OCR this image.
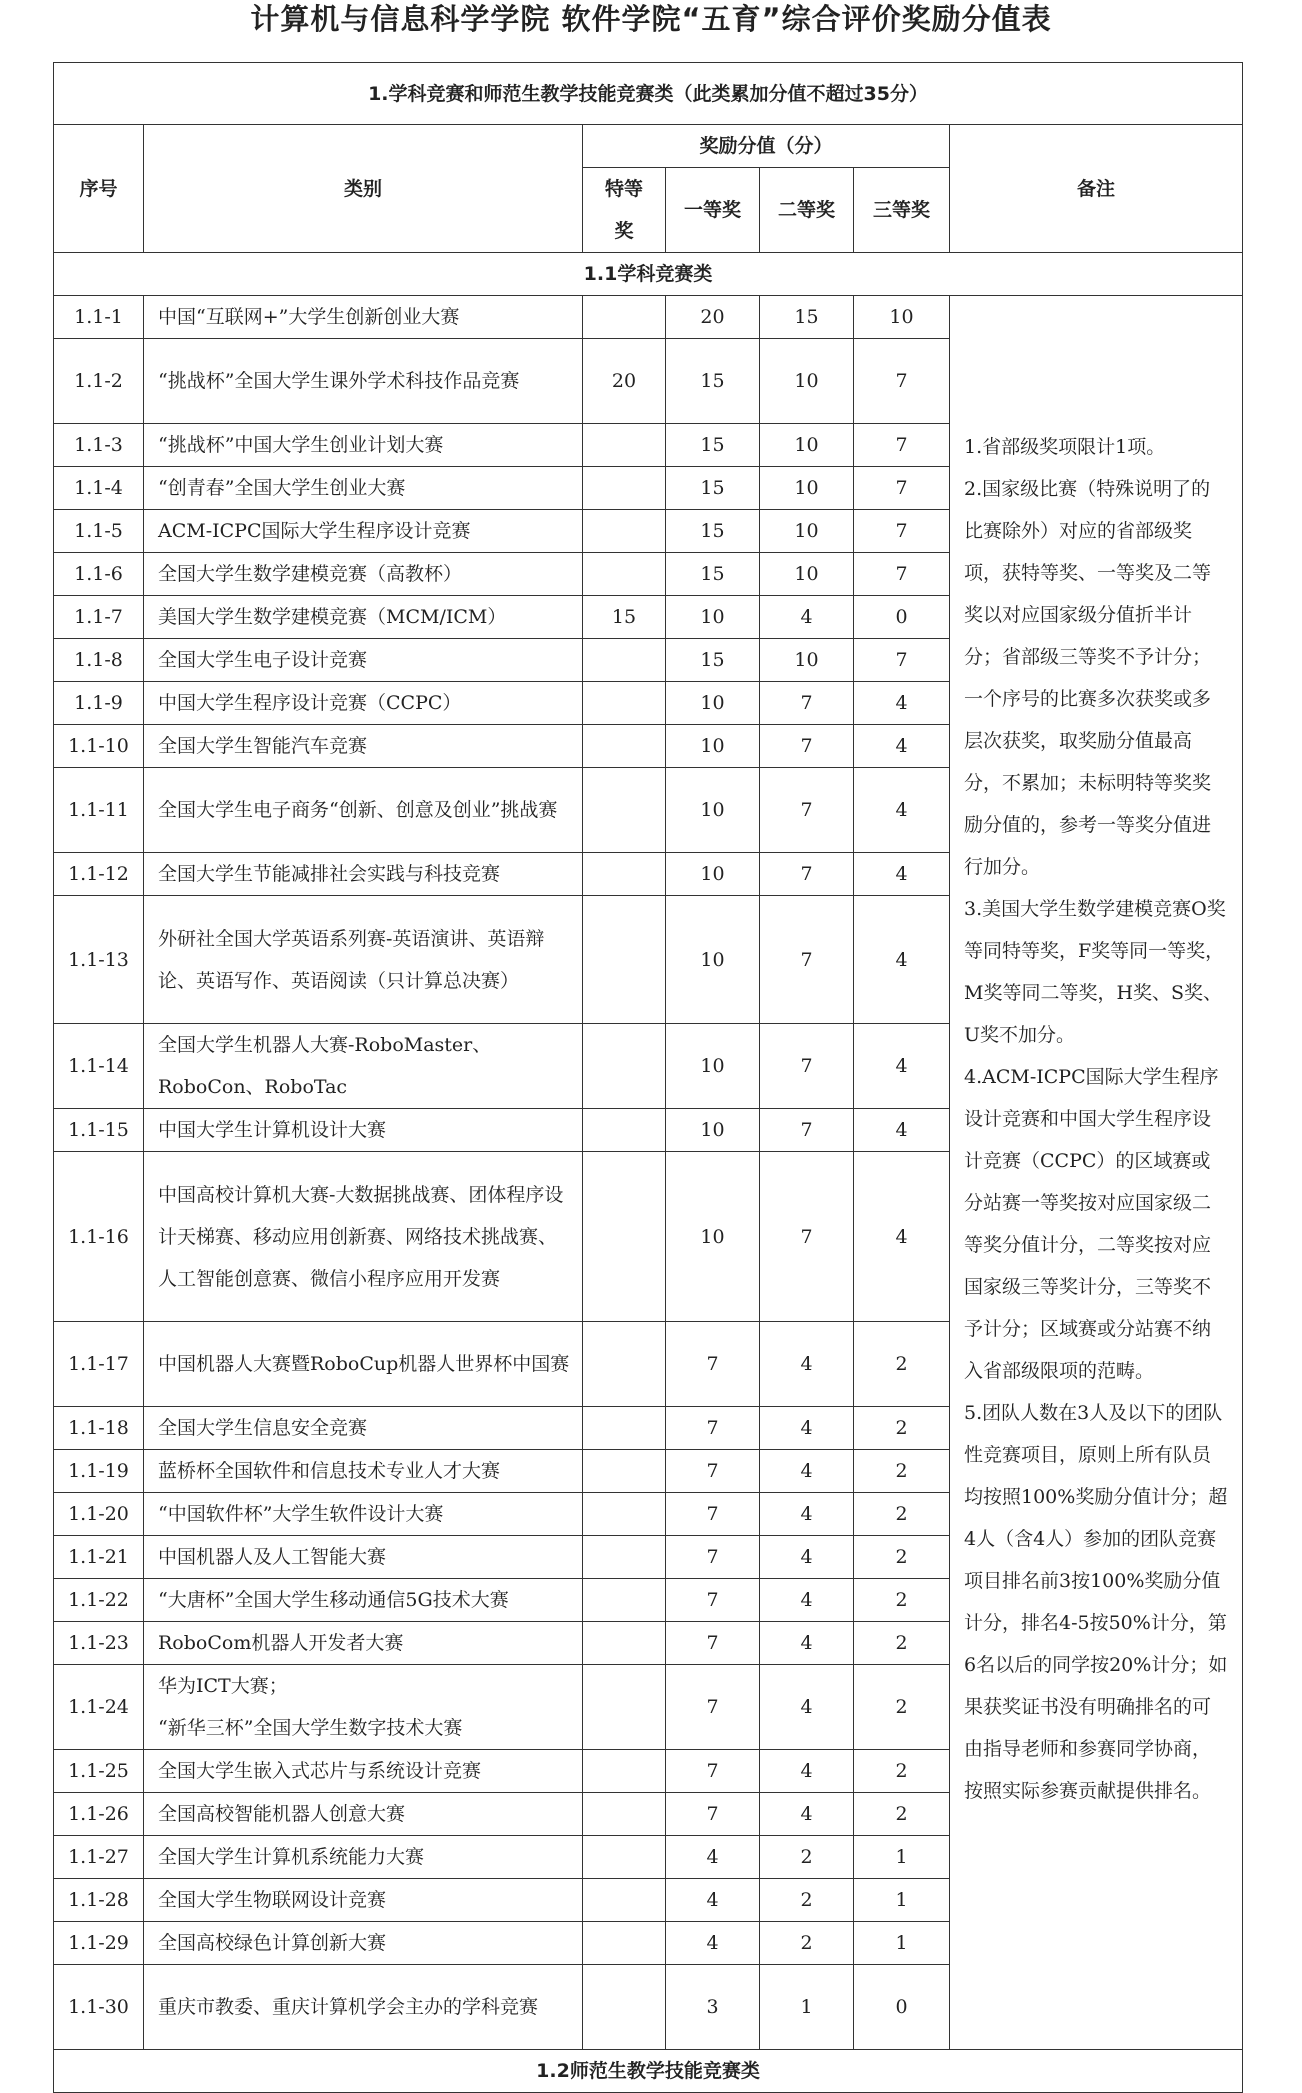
计算机与信息科学学院 软件学院“五育”综合评价奖励分值表
1.学科竞赛和师范生教学技能竞赛类（此类累加分值不超过35分）						
序号	类别	奖励分值（分）				备注
		特等奖	一等奖	二等奖	三等奖	
1.1学科竞赛类						
1.1-1	中国“互联网+”大学生创新创业大赛		20	15	10	1.省部级奖项限计1项。
2.国家级比赛（特殊说明了的比赛除外）对应的省部级奖项，获特等奖、一等奖及二等奖以对应国家级分值折半计分；省部级三等奖不予计分；一个序号的比赛多次获奖或多层次获奖，取奖励分值最高分，不累加；未标明特等奖奖励分值的，参考一等奖分值进行加分。
3.美国大学生数学建模竞赛O奖等同特等奖，F奖等同一等奖，M奖等同二等奖，H奖、S奖、U奖不加分。
4.ACM-ICPC国际大学生程序设计竞赛和中国大学生程序设计竞赛（CCPC）的区域赛或分站赛一等奖按对应国家级二等奖分值计分，二等奖按对应国家级三等奖计分，三等奖不予计分；区域赛或分站赛不纳入省部级限项的范畴。
5.团队人数在3人及以下的团队性竞赛项目，原则上所有队员均按照100%奖励分值计分；超4人（含4人）参加的团队竞赛项目排名前3按100%奖励分值计分，排名4-5按50%计分，第6名以后的同学按20%计分；如果获奖证书没有明确排名的可由指导老师和参赛同学协商，按照实际参赛贡献提供排名。
1.1-2	“挑战杯”全国大学生课外学术科技作品竞赛	20	15	10	7	
1.1-3	“挑战杯”中国大学生创业计划大赛		15	10	7	
1.1-4	“创青春”全国大学生创业大赛		15	10	7	
1.1-5	ACM-ICPC国际大学生程序设计竞赛		15	10	7	
1.1-6	全国大学生数学建模竞赛（高教杯）		15	10	7	
1.1-7	美国大学生数学建模竞赛（MCM/ICM）	15	10	4	0	
1.1-8	全国大学生电子设计竞赛		15	10	7	
1.1-9	中国大学生程序设计竞赛（CCPC）		10	7	4	
1.1-10	全国大学生智能汽车竞赛		10	7	4	
1.1-11	全国大学生电子商务“创新、创意及创业”挑战赛		10	7	4	
1.1-12	全国大学生节能减排社会实践与科技竞赛		10	7	4	
1.1-13	外研社全国大学英语系列赛-英语演讲、英语辩论、英语写作、英语阅读（只计算总决赛）		10	7	4	
1.1-14	全国大学生机器人大赛-RoboMaster、RoboCon、RoboTac		10	7	4	
1.1-15	中国大学生计算机设计大赛		10	7	4	
1.1-16	中国高校计算机大赛-大数据挑战赛、团体程序设计天梯赛、移动应用创新赛、网络技术挑战赛、人工智能创意赛、微信小程序应用开发赛		10	7	4	
1.1-17	中国机器人大赛暨RoboCup机器人世界杯中国赛		7	4	2	
1.1-18	全国大学生信息安全竞赛		7	4	2	
1.1-19	蓝桥杯全国软件和信息技术专业人才大赛		7	4	2	
1.1-20	“中国软件杯”大学生软件设计大赛		7	4	2	
1.1-21	中国机器人及人工智能大赛		7	4	2	
1.1-22	“大唐杯”全国大学生移动通信5G技术大赛		7	4	2	
1.1-23	RoboCom机器人开发者大赛		7	4	2	
1.1-24	华为ICT大赛；
“新华三杯”全国大学生数字技术大赛		7	4	2	
1.1-25	全国大学生嵌入式芯片与系统设计竞赛		7	4	2	
1.1-26	全国高校智能机器人创意大赛		7	4	2	
1.1-27	全国大学生计算机系统能力大赛		4	2	1	
1.1-28	全国大学生物联网设计竞赛		4	2	1	
1.1-29	全国高校绿色计算创新大赛		4	2	1	
1.1-30	重庆市教委、重庆计算机学会主办的学科竞赛		3	1	0	
1.2师范生教学技能竞赛类						
